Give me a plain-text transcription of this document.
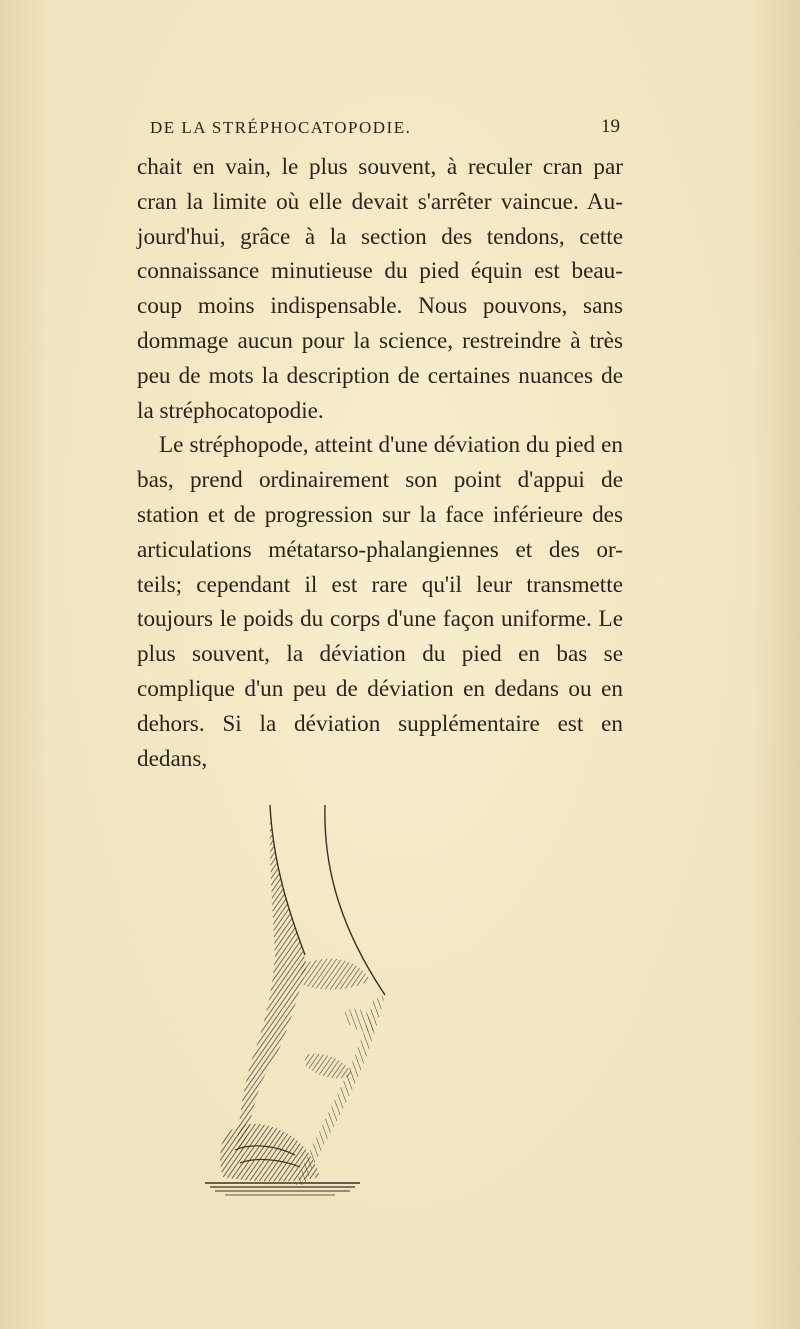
DE LA STRÉPHOCATOPODIE.	19

chait en vain, le plus souvent, à reculer cran par cran la limite où elle devait s'arrêter vaincue. Au-jourd'hui, grâce à la section des tendons, cette connaissance minutieuse du pied équin est beau-coup moins indispensable. Nous pouvons, sans dommage aucun pour la science, restreindre à très peu de mots la description de certaines nuances de la stréphocatopodie.

Le stréphopode, atteint d'une déviation du pied en bas, prend ordinairement son point d'appui de station et de progression sur la face inférieure des articulations métatarso-phalangiennes et des or-teils; cependant il est rare qu'il leur transmette toujours le poids du corps d'une façon uniforme. Le plus souvent, la déviation du pied en bas se complique d'un peu de déviation en dedans ou en dehors. Si la déviation supplémentaire est en dedans,
